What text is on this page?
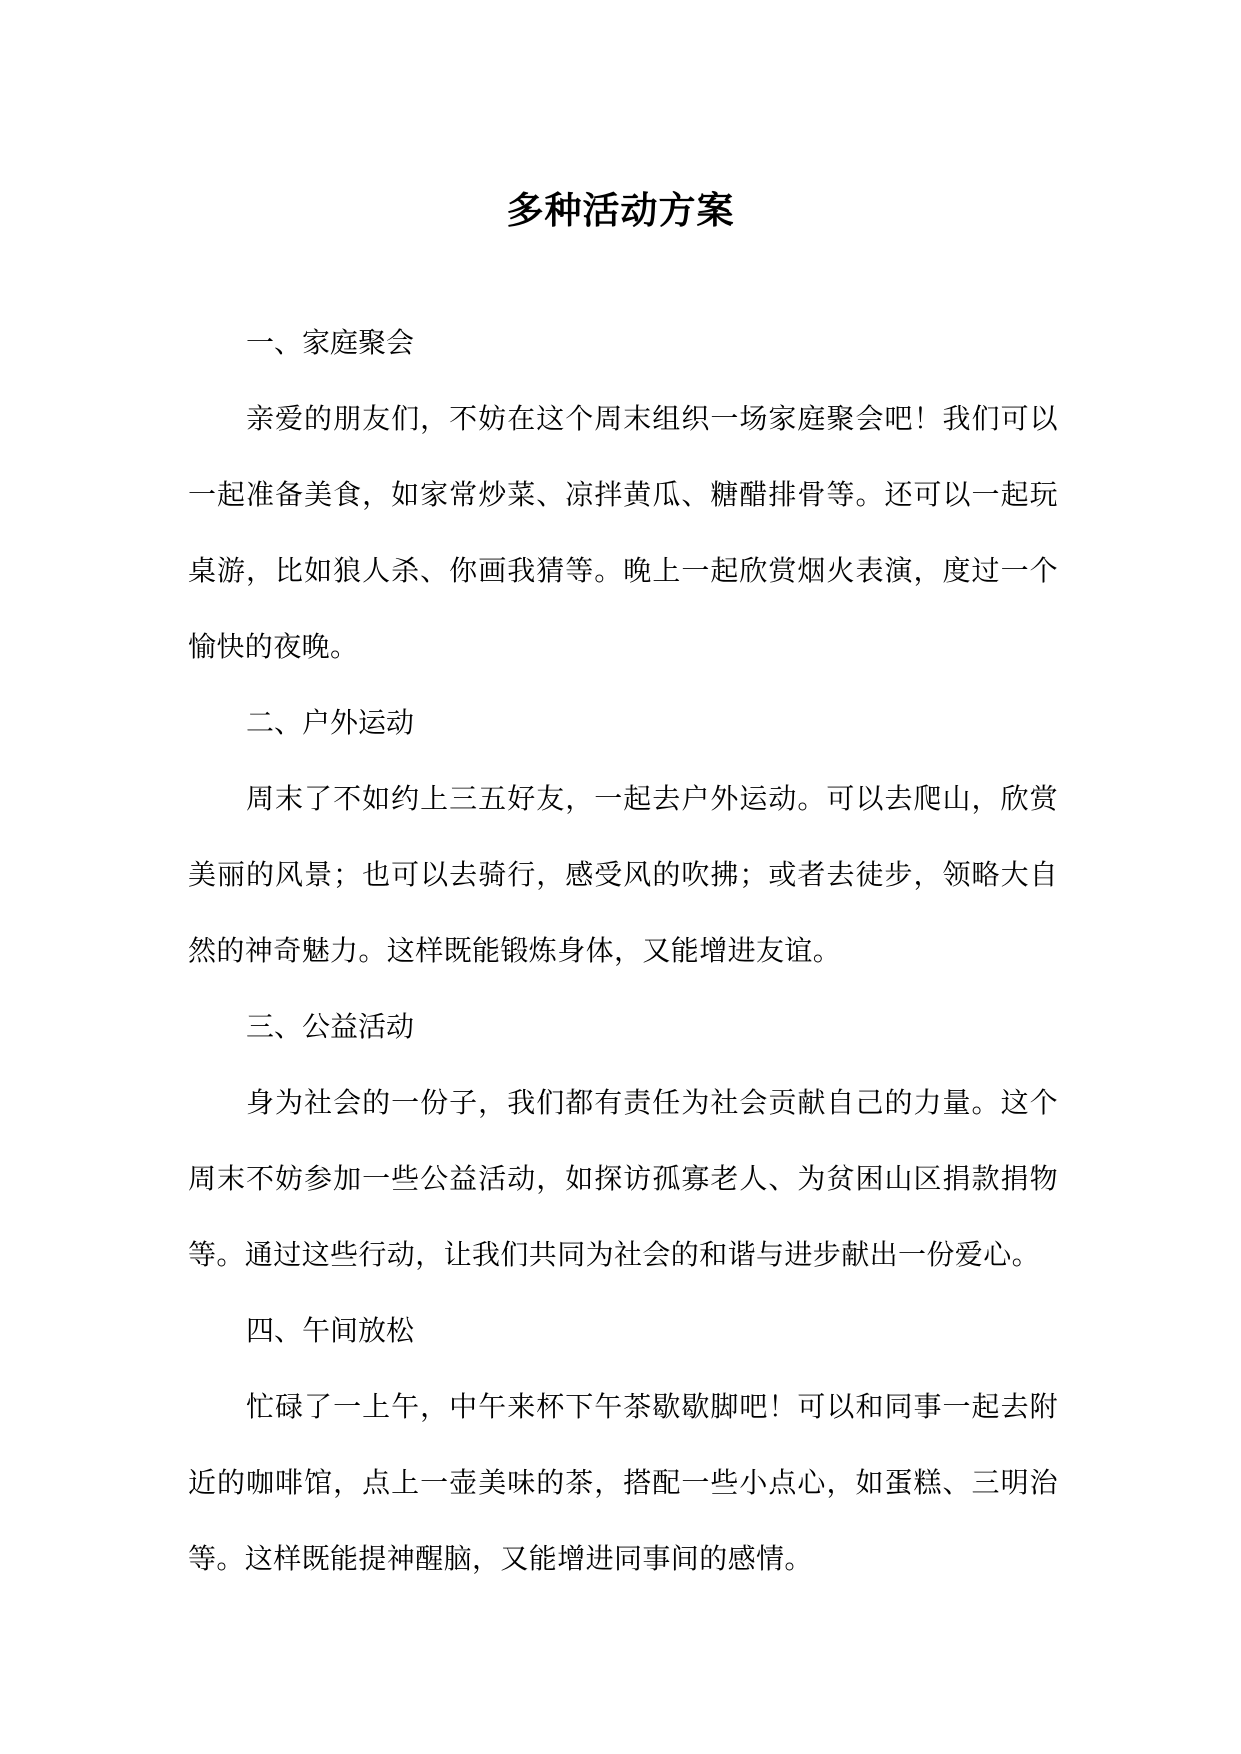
多种活动方案

一、家庭聚会

亲爱的朋友们，不妨在这个周末组织一场家庭聚会吧！我们可以一起准备美食，如家常炒菜、凉拌黄瓜、糖醋排骨等。还可以一起玩桌游，比如狼人杀、你画我猜等。晚上一起欣赏烟火表演，度过一个愉快的夜晚。

二、户外运动

周末了不如约上三五好友，一起去户外运动。可以去爬山，欣赏美丽的风景；也可以去骑行，感受风的吹拂；或者去徒步，领略大自然的神奇魅力。这样既能锻炼身体，又能增进友谊。

三、公益活动

身为社会的一份子，我们都有责任为社会贡献自己的力量。这个周末不妨参加一些公益活动，如探访孤寡老人、为贫困山区捐款捐物等。通过这些行动，让我们共同为社会的和谐与进步献出一份爱心。

四、午间放松

忙碌了一上午，中午来杯下午茶歇歇脚吧！可以和同事一起去附近的咖啡馆，点上一壶美味的茶，搭配一些小点心，如蛋糕、三明治等。这样既能提神醒脑，又能增进同事间的感情。
